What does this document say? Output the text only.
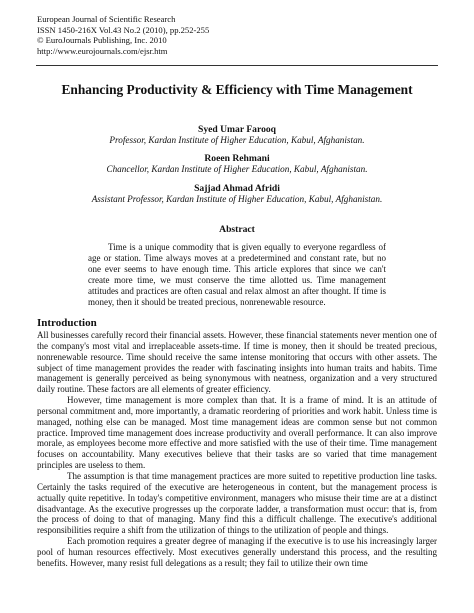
European Journal of Scientific Research
ISSN 1450-216X Vol.43 No.2 (2010), pp.252-255
© EuroJournals Publishing, Inc. 2010
http://www.eurojournals.com/ejsr.htm
Enhancing Productivity & Efficiency with Time Management
Syed Umar Farooq
Professor, Kardan Institute of Higher Education, Kabul, Afghanistan.
Roeen Rehmani
Chancellor, Kardan Institute of Higher Education, Kabul, Afghanistan.
Sajjad Ahmad Afridi
Assistant Professor, Kardan Institute of Higher Education, Kabul, Afghanistan.
Abstract

Time is a unique commodity that is given equally to everyone regardless of age or station. Time always moves at a predetermined and constant rate, but no one ever seems to have enough time. This article explores that since we can't create more time, we must conserve the time allotted us. Time management attitudes and practices are often casual and relax almost an after thought. If time is money, then it should be treated precious, nonrenewable resource.

Introduction

All businesses carefully record their financial assets. However, these financial statements never mention one of the company's most vital and irreplaceable assets-time. If time is money, then it should be treated precious, nonrenewable resource. Time should receive the same intense monitoring that occurs with other assets. The subject of time management provides the reader with fascinating insights into human traits and habits. Time management is generally perceived as being synonymous with neatness, organization and a very structured daily routine. These factors are all elements of greater efficiency.

However, time management is more complex than that. It is a frame of mind. It is an attitude of personal commitment and, more importantly, a dramatic reordering of priorities and work habit. Unless time is managed, nothing else can be managed. Most time management ideas are common sense but not common practice. Improved time management does increase productivity and overall performance. It can also improve morale, as employees become more effective and more satisfied with the use of their time. Time management focuses on accountability. Many executives believe that their tasks are so varied that time management principles are useless to them.

The assumption is that time management practices are more suited to repetitive production line tasks. Certainly the tasks required of the executive are heterogeneous in content, but the management process is actually quite repetitive. In today's competitive environment, managers who misuse their time are at a distinct disadvantage. As the executive progresses up the corporate ladder, a transformation must occur: that is, from the process of doing to that of managing. Many find this a difficult challenge. The executive's additional responsibilities require a shift from the utilization of things to the utilization of people and things.

Each promotion requires a greater degree of managing if the executive is to use his increasingly larger pool of human resources effectively. Most executives generally understand this process, and the resulting benefits. However, many resist full delegations as a result; they fail to utilize their own time
